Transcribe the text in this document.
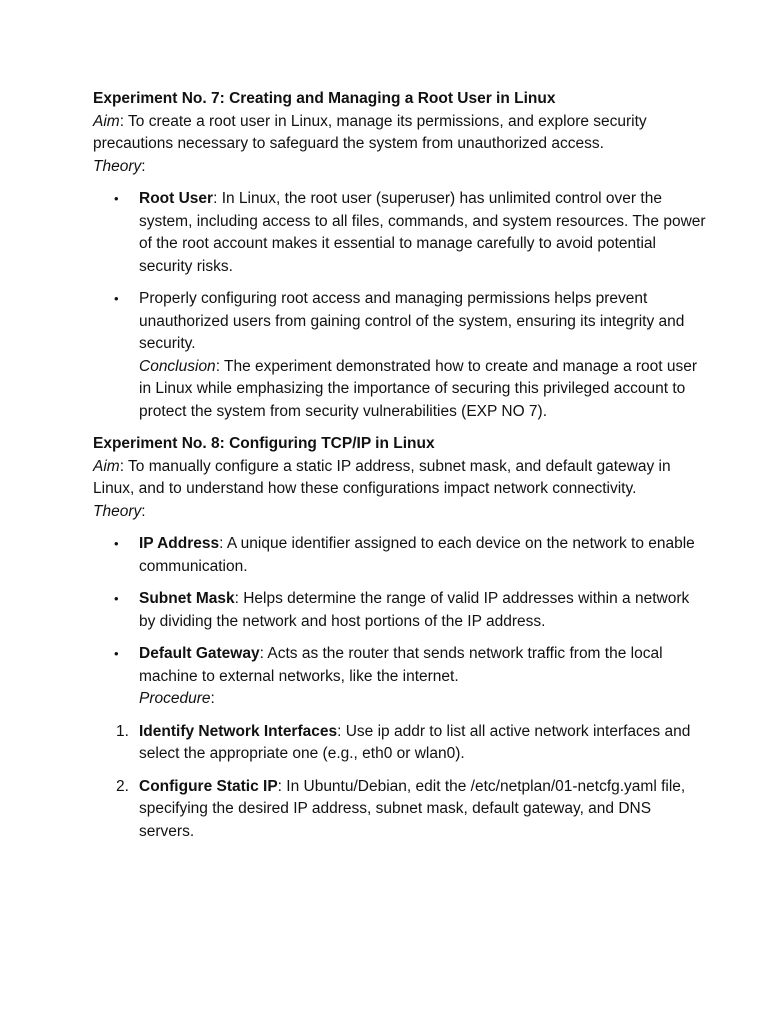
Experiment No. 7: Creating and Managing a Root User in Linux
Aim: To create a root user in Linux, manage its permissions, and explore security precautions necessary to safeguard the system from unauthorized access.
Theory:
• Root User: In Linux, the root user (superuser) has unlimited control over the system, including access to all files, commands, and system resources. The power of the root account makes it essential to manage carefully to avoid potential security risks.
• Properly configuring root access and managing permissions helps prevent unauthorized users from gaining control of the system, ensuring its integrity and security.
Conclusion: The experiment demonstrated how to create and manage a root user in Linux while emphasizing the importance of securing this privileged account to protect the system from security vulnerabilities (EXP NO 7).
Experiment No. 8: Configuring TCP/IP in Linux
Aim: To manually configure a static IP address, subnet mask, and default gateway in Linux, and to understand how these configurations impact network connectivity.
Theory:
• IP Address: A unique identifier assigned to each device on the network to enable communication.
• Subnet Mask: Helps determine the range of valid IP addresses within a network by dividing the network and host portions of the IP address.
• Default Gateway: Acts as the router that sends network traffic from the local machine to external networks, like the internet.
Procedure:
1. Identify Network Interfaces: Use ip addr to list all active network interfaces and select the appropriate one (e.g., eth0 or wlan0).
2. Configure Static IP: In Ubuntu/Debian, edit the /etc/netplan/01-netcfg.yaml file, specifying the desired IP address, subnet mask, default gateway, and DNS servers.
